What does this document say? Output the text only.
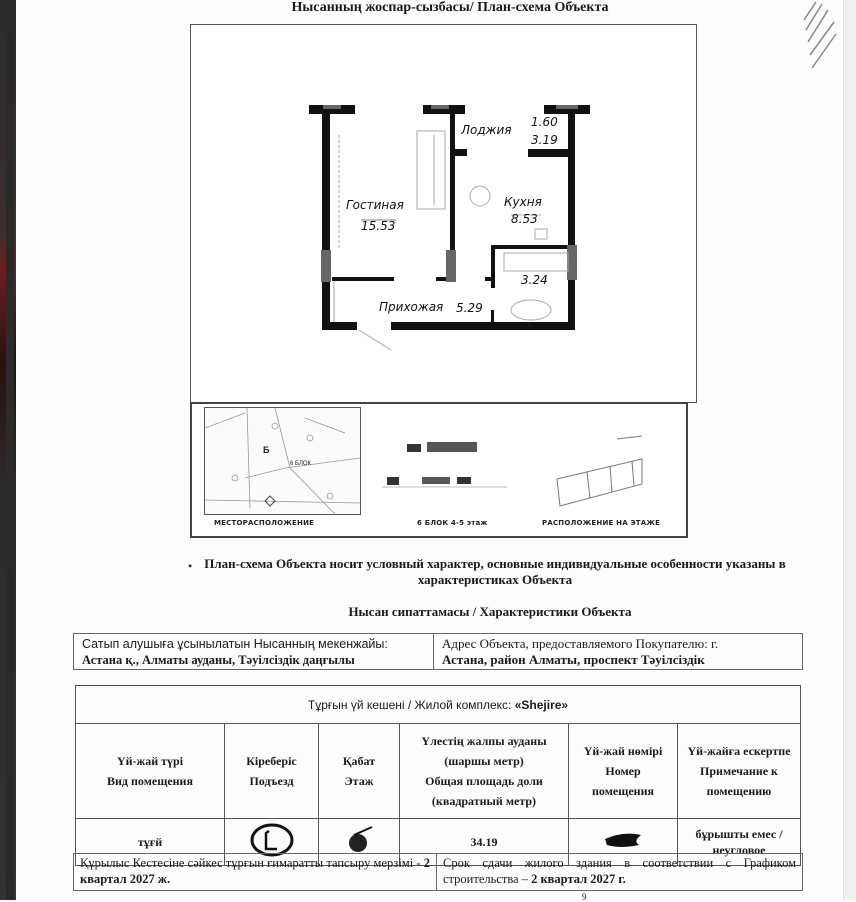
Нысанның жоспар-сызбасы/ План-схема Объекта
Гостиная
15.53
Лоджия
1.60
3.19
Кухня
8.53
3.24
Прихожая 5.29
Б
6 БЛОК
МЕСТОРАСПОЛОЖЕНИЕ	6 БЛОК 4-5 этаж	РАСПОЛОЖЕНИЕ НА ЭТАЖЕ
• План-схема Объекта носит условный характер, основные индивидуальные особенности указаны в характеристиках Объекта
Нысан сипаттамасы / Характеристики Объекта
Сатып алушыға ұсынылатын Нысанның мекенжайы:
Астана қ., Алматы ауданы, Тәуілсіздік даңғылы
Адрес Объекта, предоставляемого Покупателю: г.
Астана, район Алматы, проспект Тәуілсіздік
Тұрғын үй кешені / Жилой комплекс: «Shejire»					

Үй-жай түрі
Вид помещения

Кіреберіс
Подъезд

Қабат
Этаж

Үлестің жалпы ауданы (шаршы метр)
Общая площадь доли (квадратный метр)

Үй-жай нөмірі
Номер помещения

Үй-жайға ескертпе
Примечание к помещению

тұғй			34.19		бұрышты емес / неугловое
Құрылыс Кестесіне сәйкес тұрғын ғимаратты тапсыру мерзімі - 2 квартал 2027 ж.
Срок сдачи жилого здания в соответствии с Графиком строительства – 2 квартал 2027 г.
9
